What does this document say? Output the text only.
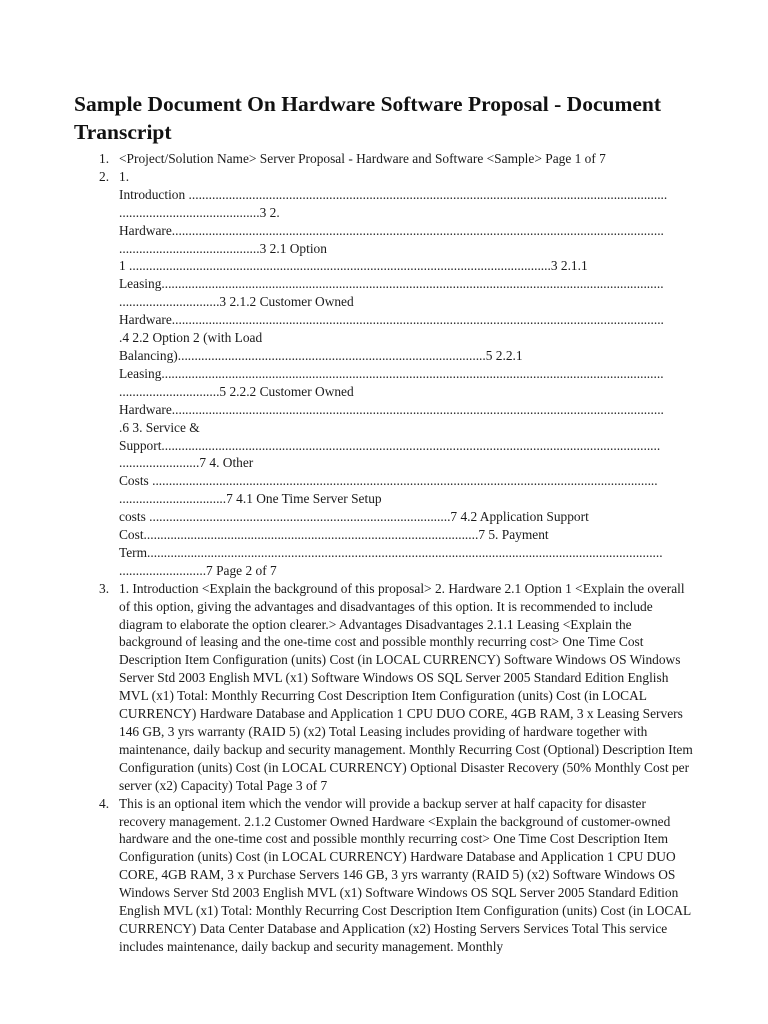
Sample Document On Hardware Software Proposal - Document Transcript
1. <Project/Solution Name> Server Proposal - Hardware and Software <Sample> Page 1 of 7
2. 1.
Introduction ...............................................................................................................................................
..........................................3 2.
Hardware...................................................................................................................................................
..........................................3 2.1 Option
1 ..............................................................................................................................3 2.1.1
Leasing......................................................................................................................................................
..............................3 2.1.2 Customer Owned
Hardware...................................................................................................................................................
.4 2.2 Option 2 (with Load
Balancing)............................................................................................5 2.2.1
Leasing......................................................................................................................................................
..............................5 2.2.2 Customer Owned
Hardware...................................................................................................................................................
.6 3. Service &
Support.....................................................................................................................................................
........................7 4. Other
Costs .......................................................................................................................................................
................................7 4.1 One Time Server Setup
costs ..........................................................................................7 4.2 Application Support
Cost....................................................................................................7 5. Payment
Term..........................................................................................................................................................
..........................7 Page 2 of 7
3. 1. Introduction <Explain the background of this proposal> 2. Hardware 2.1 Option 1 <Explain the overall of this option, giving the advantages and disadvantages of this option. It is recommended to include diagram to elaborate the option clearer.> Advantages Disadvantages 2.1.1 Leasing <Explain the background of leasing and the one-time cost and possible monthly recurring cost> One Time Cost Description Item Configuration (units) Cost (in LOCAL CURRENCY) Software Windows OS Windows Server Std 2003 English MVL (x1) Software Windows OS SQL Server 2005 Standard Edition English MVL (x1) Total: Monthly Recurring Cost Description Item Configuration (units) Cost (in LOCAL CURRENCY) Hardware Database and Application 1 CPU DUO CORE, 4GB RAM, 3 x Leasing Servers 146 GB, 3 yrs warranty (RAID 5) (x2) Total Leasing includes providing of hardware together with maintenance, daily backup and security management. Monthly Recurring Cost (Optional) Description Item Configuration (units) Cost (in LOCAL CURRENCY) Optional Disaster Recovery (50% Monthly Cost per server (x2) Capacity) Total Page 3 of 7
4. This is an optional item which the vendor will provide a backup server at half capacity for disaster recovery management. 2.1.2 Customer Owned Hardware <Explain the background of customer-owned hardware and the one-time cost and possible monthly recurring cost> One Time Cost Description Item Configuration (units) Cost (in LOCAL CURRENCY) Hardware Database and Application 1 CPU DUO CORE, 4GB RAM, 3 x Purchase Servers 146 GB, 3 yrs warranty (RAID 5) (x2) Software Windows OS Windows Server Std 2003 English MVL (x1) Software Windows OS SQL Server 2005 Standard Edition English MVL (x1) Total: Monthly Recurring Cost Description Item Configuration (units) Cost (in LOCAL CURRENCY) Data Center Database and Application (x2) Hosting Servers Services Total This service includes maintenance, daily backup and security management. Monthly
